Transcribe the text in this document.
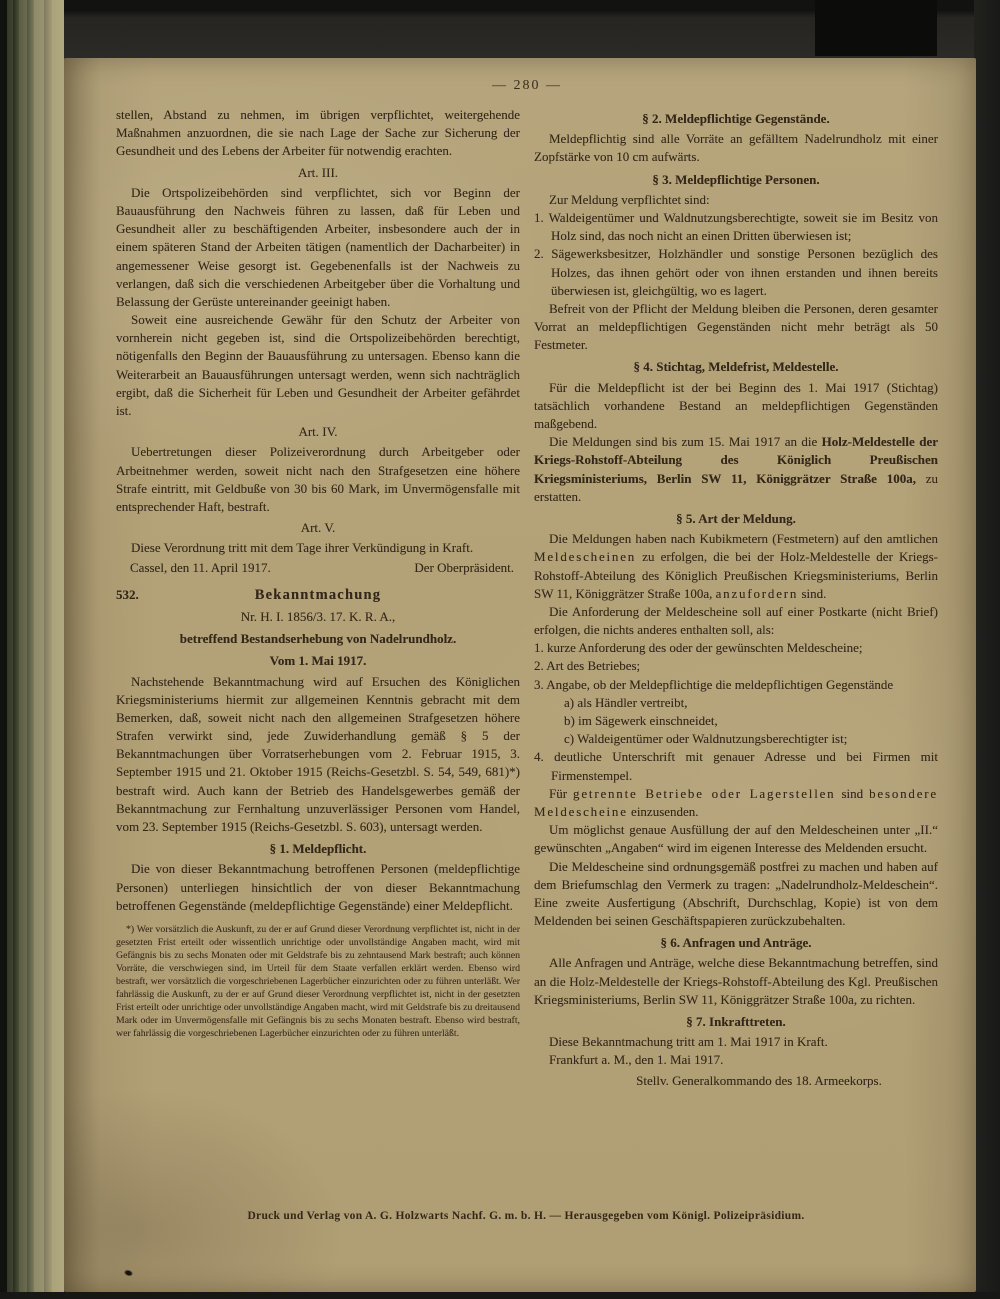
— 280 —
stellen, Abstand zu nehmen, im übrigen verpflichtet, weitergehende Maßnahmen anzuordnen, die sie nach Lage der Sache zur Sicherung der Gesundheit und des Lebens der Arbeiter für notwendig erachten.
Art. III.
Die Ortspolizeibehörden sind verpflichtet, sich vor Beginn der Bauausführung den Nachweis führen zu lassen, daß für Leben und Gesundheit aller zu beschäftigenden Arbeiter, insbesondere auch der in einem späteren Stand der Arbeiten tätigen (namentlich der Dacharbeiter) in angemessener Weise gesorgt ist. Gegebenenfalls ist der Nachweis zu verlangen, daß sich die verschiedenen Arbeitgeber über die Vorhaltung und Belassung der Gerüste untereinander geeinigt haben.
Soweit eine ausreichende Gewähr für den Schutz der Arbeiter von vornherein nicht gegeben ist, sind die Ortspolizeibehörden berechtigt, nötigenfalls den Beginn der Bauausführung zu untersagen. Ebenso kann die Weiterarbeit an Bauausführungen untersagt werden, wenn sich nachträglich ergibt, daß die Sicherheit für Leben und Gesundheit der Arbeiter gefährdet ist.
Art. IV.
Uebertretungen dieser Polizeiverordnung durch Arbeitgeber oder Arbeitnehmer werden, soweit nicht nach den Strafgesetzen eine höhere Strafe eintritt, mit Geldbuße von 30 bis 60 Mark, im Unvermögensfalle mit entsprechender Haft, bestraft.
Art. V.
Diese Verordnung tritt mit dem Tage ihrer Verkündigung in Kraft.
Cassel, den 11. April 1917.	Der Oberpräsident.
532.	Bekanntmachung
Nr. H. I. 1856/3. 17. K. R. A.,
betreffend Bestandserhebung von Nadelrundholz.
Vom 1. Mai 1917.
Nachstehende Bekanntmachung wird auf Ersuchen des Königlichen Kriegsministeriums hiermit zur allgemeinen Kenntnis gebracht mit dem Bemerken, daß, soweit nicht nach den allgemeinen Strafgesetzen höhere Strafen verwirkt sind, jede Zuwiderhandlung gemäß § 5 der Bekanntmachungen über Vorratserhebungen vom 2. Februar 1915, 3. September 1915 und 21. Oktober 1915 (Reichs-Gesetzbl. S. 54, 549, 681)*) bestraft wird. Auch kann der Betrieb des Handelsgewerbes gemäß der Bekanntmachung zur Fernhaltung unzuverlässiger Personen vom Handel, vom 23. September 1915 (Reichs-Gesetzbl. S. 603), untersagt werden.
§ 1. Meldepflicht.
Die von dieser Bekanntmachung betroffenen Personen (meldepflichtige Personen) unterliegen hinsichtlich der von dieser Bekanntmachung betroffenen Gegenstände (meldepflichtige Gegenstände) einer Meldepflicht.
*) Wer vorsätzlich die Auskunft, zu der er auf Grund dieser Verordnung verpflichtet ist, nicht in der gesetzten Frist erteilt oder wissentlich unrichtige oder unvollständige Angaben macht, wird mit Gefängnis bis zu sechs Monaten oder mit Geldstrafe bis zu zehntausend Mark bestraft; auch können Vorräte, die verschwiegen sind, im Urteil für dem Staate verfallen erklärt werden. Ebenso wird bestraft, wer vorsätzlich die vorgeschriebenen Lagerbücher einzurichten oder zu führen unterläßt. Wer fahrlässig die Auskunft, zu der er auf Grund dieser Verordnung verpflichtet ist, nicht in der gesetzten Frist erteilt oder unrichtige oder unvollständige Angaben macht, wird mit Geldstrafe bis zu dreitausend Mark oder im Unvermögensfalle mit Gefängnis bis zu sechs Monaten bestraft. Ebenso wird bestraft, wer fahrlässig die vorgeschriebenen Lagerbücher einzurichten oder zu führen unterläßt.
§ 2. Meldepflichtige Gegenstände.
Meldepflichtig sind alle Vorräte an gefälltem Nadelrundholz mit einer Zopfstärke von 10 cm aufwärts.
§ 3. Meldepflichtige Personen.
Zur Meldung verpflichtet sind:
1. Waldeigentümer und Waldnutzungsberechtigte, soweit sie im Besitz von Holz sind, das noch nicht an einen Dritten überwiesen ist;
2. Sägewerksbesitzer, Holzhändler und sonstige Personen bezüglich des Holzes, das ihnen gehört oder von ihnen erstanden und ihnen bereits überwiesen ist, gleichgültig, wo es lagert.
Befreit von der Pflicht der Meldung bleiben die Personen, deren gesamter Vorrat an meldepflichtigen Gegenständen nicht mehr beträgt als 50 Festmeter.
§ 4. Stichtag, Meldefrist, Meldestelle.
Für die Meldepflicht ist der bei Beginn des 1. Mai 1917 (Stichtag) tatsächlich vorhandene Bestand an meldepflichtigen Gegenständen maßgebend.
Die Meldungen sind bis zum 15. Mai 1917 an die Holz-Meldestelle der Kriegs-Rohstoff-Abteilung des Königlich Preußischen Kriegsministeriums, Berlin SW 11, Königgrätzer Straße 100a, zu erstatten.
§ 5. Art der Meldung.
Die Meldungen haben nach Kubikmetern (Festmetern) auf den amtlichen Meldescheinen zu erfolgen, die bei der Holz-Meldestelle der Kriegs-Rohstoff-Abteilung des Königlich Preußischen Kriegsministeriums, Berlin SW 11, Königgrätzer Straße 100a, anzufordern sind.
Die Anforderung der Meldescheine soll auf einer Postkarte (nicht Brief) erfolgen, die nichts anderes enthalten soll, als:
1. kurze Anforderung des oder der gewünschten Meldescheine;
2. Art des Betriebes;
3. Angabe, ob der Meldepflichtige die meldepflichtigen Gegenstände
a) als Händler vertreibt,
b) im Sägewerk einschneidet,
c) Waldeigentümer oder Waldnutzungsberechtigter ist;
4. deutliche Unterschrift mit genauer Adresse und bei Firmen mit Firmenstempel.
Für getrennte Betriebe oder Lagerstellen sind besondere Meldescheine einzusenden.
Um möglichst genaue Ausfüllung der auf den Meldescheinen unter „II.“ gewünschten „Angaben“ wird im eigenen Interesse des Meldenden ersucht.
Die Meldescheine sind ordnungsgemäß postfrei zu machen und haben auf dem Briefumschlag den Vermerk zu tragen: „Nadelrundholz-Meldeschein“. Eine zweite Ausfertigung (Abschrift, Durchschlag, Kopie) ist von dem Meldenden bei seinen Geschäftspapieren zurückzubehalten.
§ 6. Anfragen und Anträge.
Alle Anfragen und Anträge, welche diese Bekanntmachung betreffen, sind an die Holz-Meldestelle der Kriegs-Rohstoff-Abteilung des Kgl. Preußischen Kriegsministeriums, Berlin SW 11, Königgrätzer Straße 100a, zu richten.
§ 7. Inkrafttreten.
Diese Bekanntmachung tritt am 1. Mai 1917 in Kraft.
Frankfurt a. M., den 1. Mai 1917.
Stellv. Generalkommando des 18. Armeekorps.
Druck und Verlag von A. G. Holzwarts Nachf. G. m. b. H. — Herausgegeben vom Königl. Polizeipräsidium.
